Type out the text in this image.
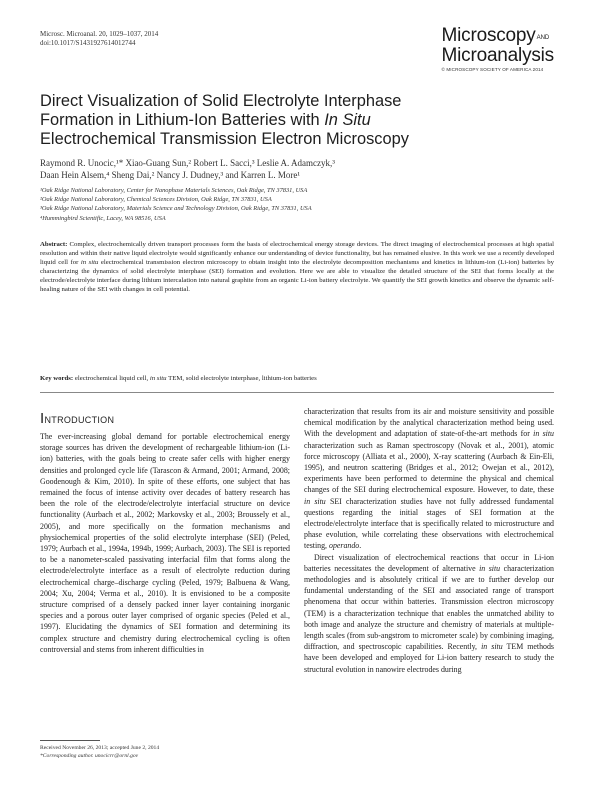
Microsc. Microanal. 20, 1029–1037, 2014
doi:10.1017/S1431927614012744	MicroscopyAND
Microanalysis
© MICROSCOPY SOCIETY OF AMERICA 2014
Direct Visualization of Solid Electrolyte Interphase
Formation in Lithium-Ion Batteries with In Situ
Electrochemical Transmission Electron Microscopy
Raymond R. Unocic,¹* Xiao-Guang Sun,² Robert L. Sacci,³ Leslie A. Adamczyk,³
Daan Hein Alsem,⁴ Sheng Dai,² Nancy J. Dudney,³ and Karren L. More¹
¹Oak Ridge National Laboratory, Center for Nanophase Materials Sciences, Oak Ridge, TN 37831, USA
²Oak Ridge National Laboratory, Chemical Sciences Division, Oak Ridge, TN 37831, USA
³Oak Ridge National Laboratory, Materials Science and Technology Division, Oak Ridge, TN 37831, USA
⁴Hummingbird Scientific, Lacey, WA 98516, USA
Abstract: Complex, electrochemically driven transport processes form the basis of electrochemical energy storage devices. The direct imaging of electrochemical processes at high spatial resolution and within their native liquid electrolyte would significantly enhance our understanding of device functionality, but has remained elusive. In this work we use a recently developed liquid cell for in situ electrochemical transmission electron microscopy to obtain insight into the electrolyte decomposition mechanisms and kinetics in lithium-ion (Li-ion) batteries by characterizing the dynamics of solid electrolyte interphase (SEI) formation and evolution. Here we are able to visualize the detailed structure of the SEI that forms locally at the electrode/electrolyte interface during lithium intercalation into natural graphite from an organic Li-ion battery electrolyte. We quantify the SEI growth kinetics and observe the dynamic self-healing nature of the SEI with changes in cell potential.
Key words: electrochemical liquid cell, in situ TEM, solid electrolyte interphase, lithium-ion batteries
Introduction

The ever-increasing global demand for portable electrochemical energy storage sources has driven the development of rechargeable lithium-ion (Li-ion) batteries, with the goals being to create safer cells with higher energy densities and prolonged cycle life (Tarascon & Armand, 2001; Armand, 2008; Goodenough & Kim, 2010). In spite of these efforts, one subject that has remained the focus of intense activity over decades of battery research has been the role of the electrode/electrolyte interfacial structure on device functionality (Aurbach et al., 2002; Markovsky et al., 2003; Broussely et al., 2005), and more specifically on the formation mechanisms and physiochemical properties of the solid electrolyte interphase (SEI) (Peled, 1979; Aurbach et al., 1994a, 1994b, 1999; Aurbach, 2003). The SEI is reported to be a nanometer-scaled passivating interfacial film that forms along the electrode/electrolyte interface as a result of electrolyte reduction during electrochemical charge–discharge cycling (Peled, 1979; Balbuena & Wang, 2004; Xu, 2004; Verma et al., 2010). It is envisioned to be a composite structure comprised of a densely packed inner layer containing inorganic species and a porous outer layer comprised of organic species (Peled et al., 1997). Elucidating the dynamics of SEI formation and determining its complex structure and chemistry during electrochemical cycling is often controversial and stems from inherent difficulties in

characterization that results from its air and moisture sensitivity and possible chemical modification by the analytical characterization method being used. With the development and adaptation of state-of-the-art methods for in situ characterization such as Raman spectroscopy (Novak et al., 2001), atomic force microscopy (Alliata et al., 2000), X-ray scattering (Aurbach & Ein-Eli, 1995), and neutron scattering (Bridges et al., 2012; Owejan et al., 2012), experiments have been performed to determine the physical and chemical changes of the SEI during electrochemical exposure. However, to date, these in situ SEI characterization studies have not fully addressed fundamental questions regarding the initial stages of SEI formation at the electrode/electrolyte interface that is specifically related to microstructure and phase evolution, while correlating these observations with electrochemical testing, operando.

Direct visualization of electrochemical reactions that occur in Li-ion batteries necessitates the development of alternative in situ characterization methodologies and is absolutely critical if we are to further develop our fundamental understanding of the SEI and associated range of transport phenomena that occur within batteries. Transmission electron microscopy (TEM) is a characterization technique that enables the unmatched ability to both image and analyze the structure and chemistry of materials at multiple-length scales (from sub-angstrom to micrometer scale) by combining imaging, diffraction, and spectroscopic capabilities. Recently, in situ TEM methods have been developed and employed for Li-ion battery research to study the structural evolution in nanowire electrodes during

Received November 26, 2013; accepted June 2, 2014
*Corresponding author. unocicrr@ornl.gov
